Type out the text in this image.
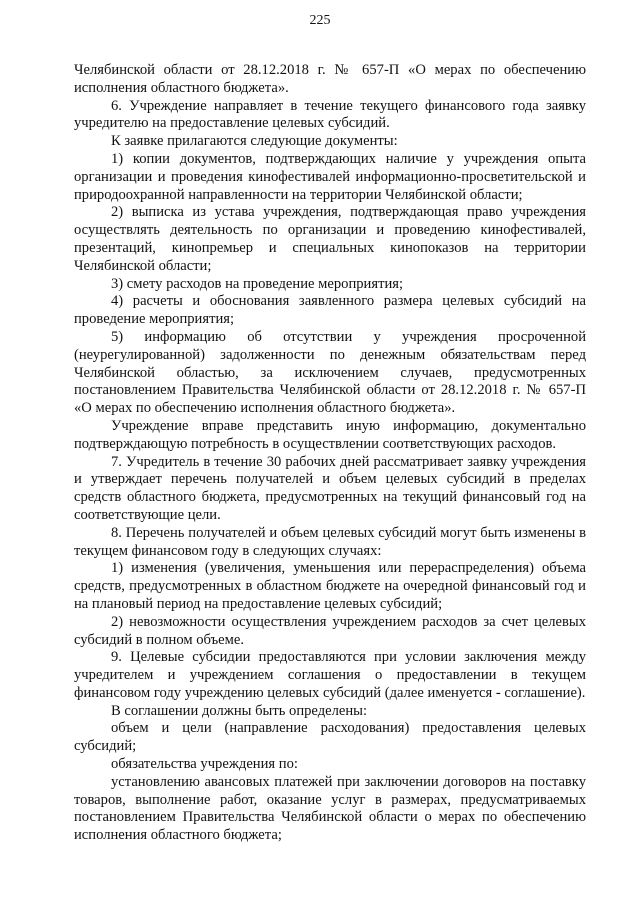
225

Челябинской области от 28.12.2018 г. № 657-П «О мерах по обеспечению исполнения областного бюджета».

6. Учреждение направляет в течение текущего финансового года заявку учредителю на предоставление целевых субсидий.

К заявке прилагаются следующие документы:

1) копии документов, подтверждающих наличие у учреждения опыта организации и проведения кинофестивалей информационно-просветительской и природоохранной направленности на территории Челябинской области;

2) выписка из устава учреждения, подтверждающая право учреждения осуществлять деятельность по организации и проведению кинофестивалей, презентаций, кинопремьер и специальных кинопоказов на территории Челябинской области;

3) смету расходов на проведение мероприятия;

4) расчеты и обоснования заявленного размера целевых субсидий на проведение мероприятия;

5) информацию об отсутствии у учреждения просроченной (неурегулированной) задолженности по денежным обязательствам перед Челябинской областью, за исключением случаев, предусмотренных постановлением Правительства Челябинской области от 28.12.2018 г. № 657-П «О мерах по обеспечению исполнения областного бюджета».

Учреждение вправе представить иную информацию, документально подтверждающую потребность в осуществлении соответствующих расходов.

7. Учредитель в течение 30 рабочих дней рассматривает заявку учреждения и утверждает перечень получателей и объем целевых субсидий в пределах средств областного бюджета, предусмотренных на текущий финансовый год на соответствующие цели.

8. Перечень получателей и объем целевых субсидий могут быть изменены в текущем финансовом году в следующих случаях:

1) изменения (увеличения, уменьшения или перераспределения) объема средств, предусмотренных в областном бюджете на очередной финансовый год и на плановый период на предоставление целевых субсидий;

2) невозможности осуществления учреждением расходов за счет целевых субсидий в полном объеме.

9. Целевые субсидии предоставляются при условии заключения между учредителем и учреждением соглашения о предоставлении в текущем финансовом году учреждению целевых субсидий (далее именуется - соглашение).

В соглашении должны быть определены:

объем и цели (направление расходования) предоставления целевых субсидий;

обязательства учреждения по:

установлению авансовых платежей при заключении договоров на поставку товаров, выполнение работ, оказание услуг в размерах, предусматриваемых постановлением Правительства Челябинской области о мерах по обеспечению исполнения областного бюджета;
